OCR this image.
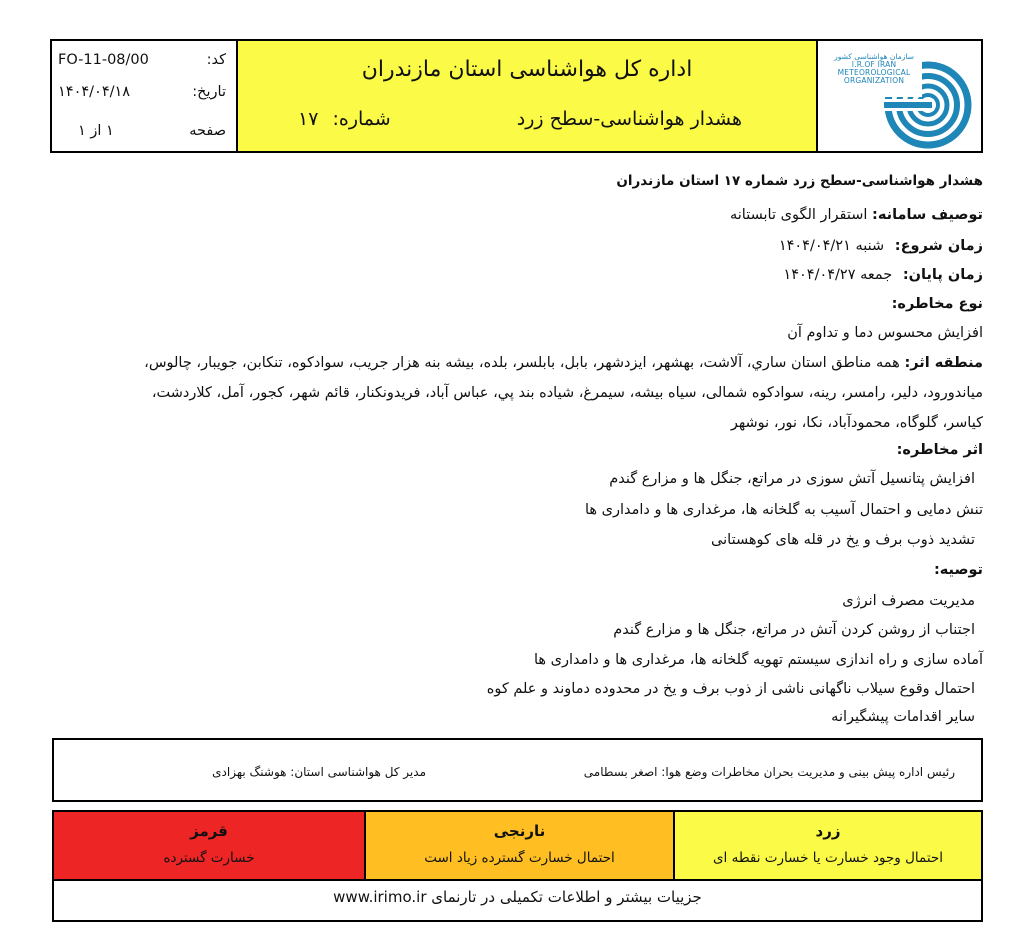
کد:
FO-11-08/00
تاریخ:
۱۴۰۴/۰۴/۱۸
صفحه
۱ از ۱
اداره کل هواشناسی استان مازندران
هشدار هواشناسی-سطح زرد
شماره: ۱۷
سازمان هواشناسی کشور
I.R.OF IRAN
METEOROLOGICAL
ORGANIZATION
هشدار هواشناسی-سطح زرد شماره ۱۷ استان مازندران
توصیف سامانه: استقرار الگوی تابستانه
زمان شروع: شنبه ۱۴۰۴/۰۴/۲۱
زمان پایان: جمعه ۱۴۰۴/۰۴/۲۷
نوع مخاطره:
افزایش محسوس دما و تداوم آن
منطقه اثر: همه مناطق استان ساري، آلاشت، بهشهر، ایزدشهر، بابل، بابلسر، بلده، بیشه بنه هزار جریب، سوادکوه، تنکابن، جویبار، چالوس،
میاندورود، دلیر، رامسر، رینه، سوادکوه شمالی، سیاه بیشه، سیمرغ، شیاده بند پي، عباس آباد، فریدونکنار، قائم شهر، کجور، آمل، کلاردشت،
کیاسر، گلوگاه، محمودآباد، نکا، نور، نوشهر
اثر مخاطره:
افزایش پتانسیل آتش سوزی در مراتع، جنگل ها و مزارع گندم
تنش دمایی و احتمال آسیب به گلخانه ها، مرغداری ها و دامداری ها
تشدید ذوب برف و یخ در قله های کوهستانی
توصیه:
مدیریت مصرف انرژی
اجتناب از روشن کردن آتش در مراتع، جنگل ها و مزارع گندم
آماده سازی و راه اندازی سیستم تهویه گلخانه ها، مرغداری ها و دامداری ها
احتمال وقوع سیلاب ناگهانی ناشی از ذوب برف و یخ در محدوده دماوند و علم کوه
سایر اقدامات پیشگیرانه
رئیس اداره پیش بینی و مدیریت بحران مخاطرات وضع هوا: اصغر بسطامی
مدیر کل هواشناسی استان: هوشنگ بهزادی
قرمز
خسارت گسترده
نارنجی
احتمال خسارت گسترده زیاد است
زرد
احتمال وجود خسارت یا خسارت نقطه ای
جزییات بیشتر و اطلاعات تکمیلی در تارنمای www.irimo.ir
